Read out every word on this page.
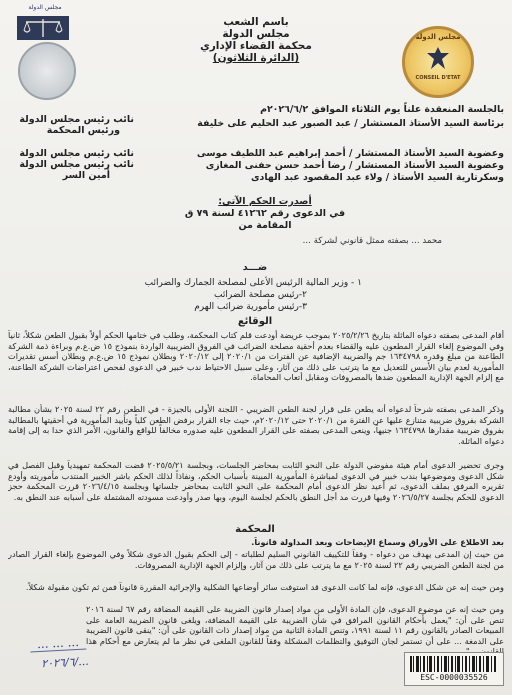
مجلس الدولة
مجلس الدولة
CONSEIL D'ETAT
باسم الشعب
مجلس الدولة
محكمة القضاء الإداري
(الدائرة الثلاثون)
نائب رئيس مجلس الدولة
ورئيس المحكمة
نائب رئيس مجلس الدولة
نائب رئيس مجلس الدولة
أمين السر
بالجلسة المنعقدة علناً يوم الثلاثاء الموافق ٢٠٢٦/٦/٢م
برئاسة السيد الأستاذ المستشار / عبد الصبور عبد الحليم على خليفة
وعضوية السيد الأستاذ المستشار / أحمد إبراهيم عبد اللطيف موسى
وعضوية السيد الأستاذ المستشار / رضا أحمد حسن حفنى المغازى
وسكرتارية السيد الأستاذ / ولاء عبد المقصود عبد الهادى
أصدرت الحكم الآتي:
في الدعوى رقم ٤١٢٦٢ لسنة ٧٩ ق
المقامة من
محمد ... بصفته ممثل قانوني لشركة ...
ضـــد
١ - وزير المالية الرئيس الأعلى لمصلحة الجمارك والضرائب
٢-رئيس مصلحة الضرائب
٣-رئيس مأمورية ضرائب الهرم
الوقائع
أقام المدعى بصفته دعواه الماثلة بتاريخ ٢٠٢٥/٢/٢٦ بموجب عريضة أودعت قلم كتاب المحكمة، وطلب في ختامها الحكم أولاً بقبول الطعن شكلاً، ثانياً وفي الموضوع إلغاء القرار المطعون عليه والقضاء بعدم أحقية مصلحة الضرائب في الفروق الضريبية الواردة بنموذج ١٥ ض.ع.م وبراءة ذمة الشركة الطاعنة من مبلغ وقدره ١٦٣٤٧٩٨ جم والضريبة الإضافية عن الفترات من ٢٠٢٠/١ إلى ٢٠٢٠/١٢ وبطلان نموذج ١٥ ض.ع.م وبطلان أسس تقديرات المأمورية لعدم بيان الأسس للتعديل مع ما يترتب على ذلك من آثار، وعلى سبيل الاحتياط ندب خبير في الدعوى لفحص اعتراضات الشركة الطاعنة، مع إلزام الجهة الإدارية المطعون ضدها بالمصروفات ومقابل أتعاب المحاماة.
وذكر المدعى بصفته شرحاً لدعواه أنه يطعن على قرار لجنة الطعن الضريبي - اللجنة الأولى بالجيزة - في الطعن رقم ٢٢ لسنة ٢٠٢٥ بشأن مطالبة الشركة بفروق ضريبية متنازع عليها عن الفترة من ٢٠٢٠/١ حتى ٢٠٢٠/١٢م، حيث جاء القرار برفض الطعن كلياً وتأييد المأمورية في أحقيتها بالمطالبة بفروق ضريبية مقدارها ١٦٣٤٧٩٨ جنيهاً، وينعى المدعى بصفته على القرار المطعون عليه صدوره مخالفاً للواقع والقانون، الأمر الذي حدا به إلى إقامة دعواه الماثلة.
وجرى تحضير الدعوى أمام هيئة مفوضي الدولة على النحو الثابت بمحاضر الجلسات، وبجلسة ٢٠٢٥/٥/٢١ قضت المحكمة تمهيدياً وقبل الفصل في شكل الدعوى وموضوعها بندب خبير في الدعوى لمباشرة المأمورية المبينة بأسباب الحكم، ونفاذاً لذلك الحكم باشر الخبير المنتدب مأموريته وأودع تقريره المرفق بملف الدعوى، ثم أعيد نظر الدعوى أمام المحكمة على النحو الثابت بمحاضر جلساتها وبجلسة ٢٠٢٦/٤/١٥ قررت المحكمة حجز الدعوى للحكم بجلسة ٢٠٢٦/٥/٢٧ وفيها قررت مد أجل النطق بالحكم لجلسة اليوم، وبها صدر وأودعت مسودته المشتملة على أسبابه عند النطق به.
المحكمة
بعد الاطلاع على الأوراق وسماع الإيضاحات وبعد المداولة قانوناً.
من حيث إن المدعى يهدف من دعواه - وفقاً للتكييف القانوني السليم لطلباته - إلى الحكم بقبول الدعوى شكلاً وفي الموضوع بإلغاء القرار الصادر من لجنة الطعن الضريبي رقم ٢٢ لسنة ٢٠٢٥ مع ما يترتب على ذلك من آثار، وإلزام الجهة الإدارية المصروفات.
ومن حيث إنه عن شكل الدعوى، فإنه لما كانت الدعوى قد استوفت سائر أوضاعها الشكلية والإجرائية المقررة قانوناً فمن ثم تكون مقبولة شكلاً.
ومن حيث إنه عن موضوع الدعوى، فإن المادة الأولى من مواد إصدار قانون الضريبة على القيمة المضافة رقم ٦٧ لسنة ٢٠١٦ تنص على أن: "يعمل بأحكام القانون المرافق في شأن الضريبة على القيمة المضافة، ويلغى قانون الضريبة العامة على المبيعات الصادر بالقانون رقم ١١ لسنة ١٩٩١، وتنص المادة الثانية من مواد إصدار ذات القانون على أن: "ينقى قانون الضريبة على الدمغة ... على أن تستمر لجان التوفيق والتظلمات المشكلة وفقاً للقانون الملغى في نظر ما لم يتعارض مع أحكام هذا
... ... ...
٢٠٢٦/٦/...
ESC-0000035526
